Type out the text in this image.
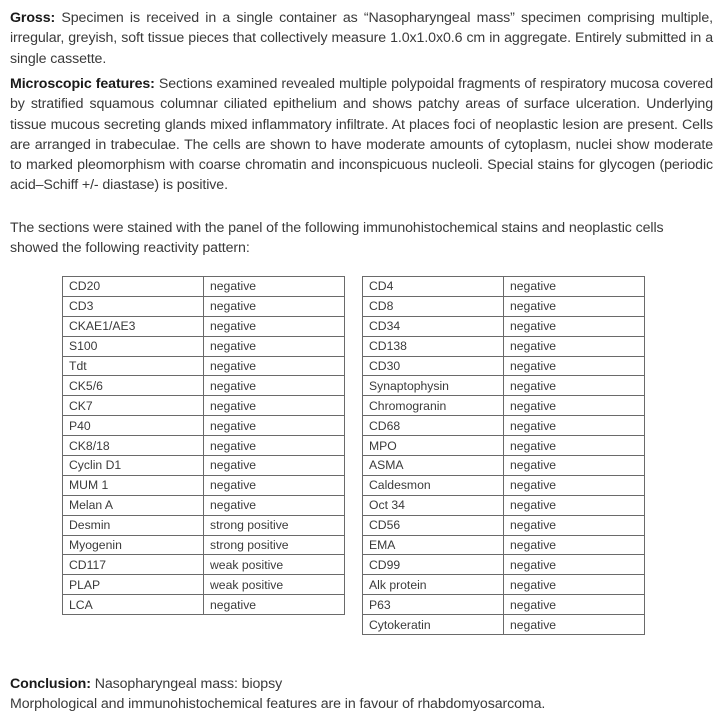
Gross: Specimen is received in a single container as “Nasopharyngeal mass” specimen comprising multiple, irregular, greyish, soft tissue pieces that collectively measure 1.0x1.0x0.6 cm in aggregate. Entirely submitted in a single cassette.
Microscopic features: Sections examined revealed multiple polypoidal fragments of respiratory mucosa covered by stratified squamous columnar ciliated epithelium and shows patchy areas of surface ulceration. Underlying tissue mucous secreting glands mixed inflammatory infiltrate. At places foci of neoplastic lesion are present. Cells are arranged in trabeculae. The cells are shown to have moderate amounts of cytoplasm, nuclei show moderate to marked pleomorphism with coarse chromatin and inconspicuous nucleoli. Special stains for glycogen (periodic acid–Schiff +/- diastase) is positive.
The sections were stained with the panel of the following immunohistochemical stains and neoplastic cells showed the following reactivity pattern:
CD20	negative
CD3	negative
CKAE1/AE3	negative
S100	negative
Tdt	negative
CK5/6	negative
CK7	negative
P40	negative
CK8/18	negative
Cyclin D1	negative
MUM 1	negative
Melan A	negative
Desmin	strong positive
Myogenin	strong positive
CD117	weak positive
PLAP	weak positive
LCA	negative
CD4	negative
CD8	negative
CD34	negative
CD138	negative
CD30	negative
Synaptophysin	negative
Chromogranin	negative
CD68	negative
MPO	negative
ASMA	negative
Caldesmon	negative
Oct 34	negative
CD56	negative
EMA	negative
CD99	negative
Alk protein	negative
P63	negative
Cytokeratin	negative
Conclusion: Nasopharyngeal mass: biopsy
Morphological and immunohistochemical features are in favour of rhabdomyosarcoma.
